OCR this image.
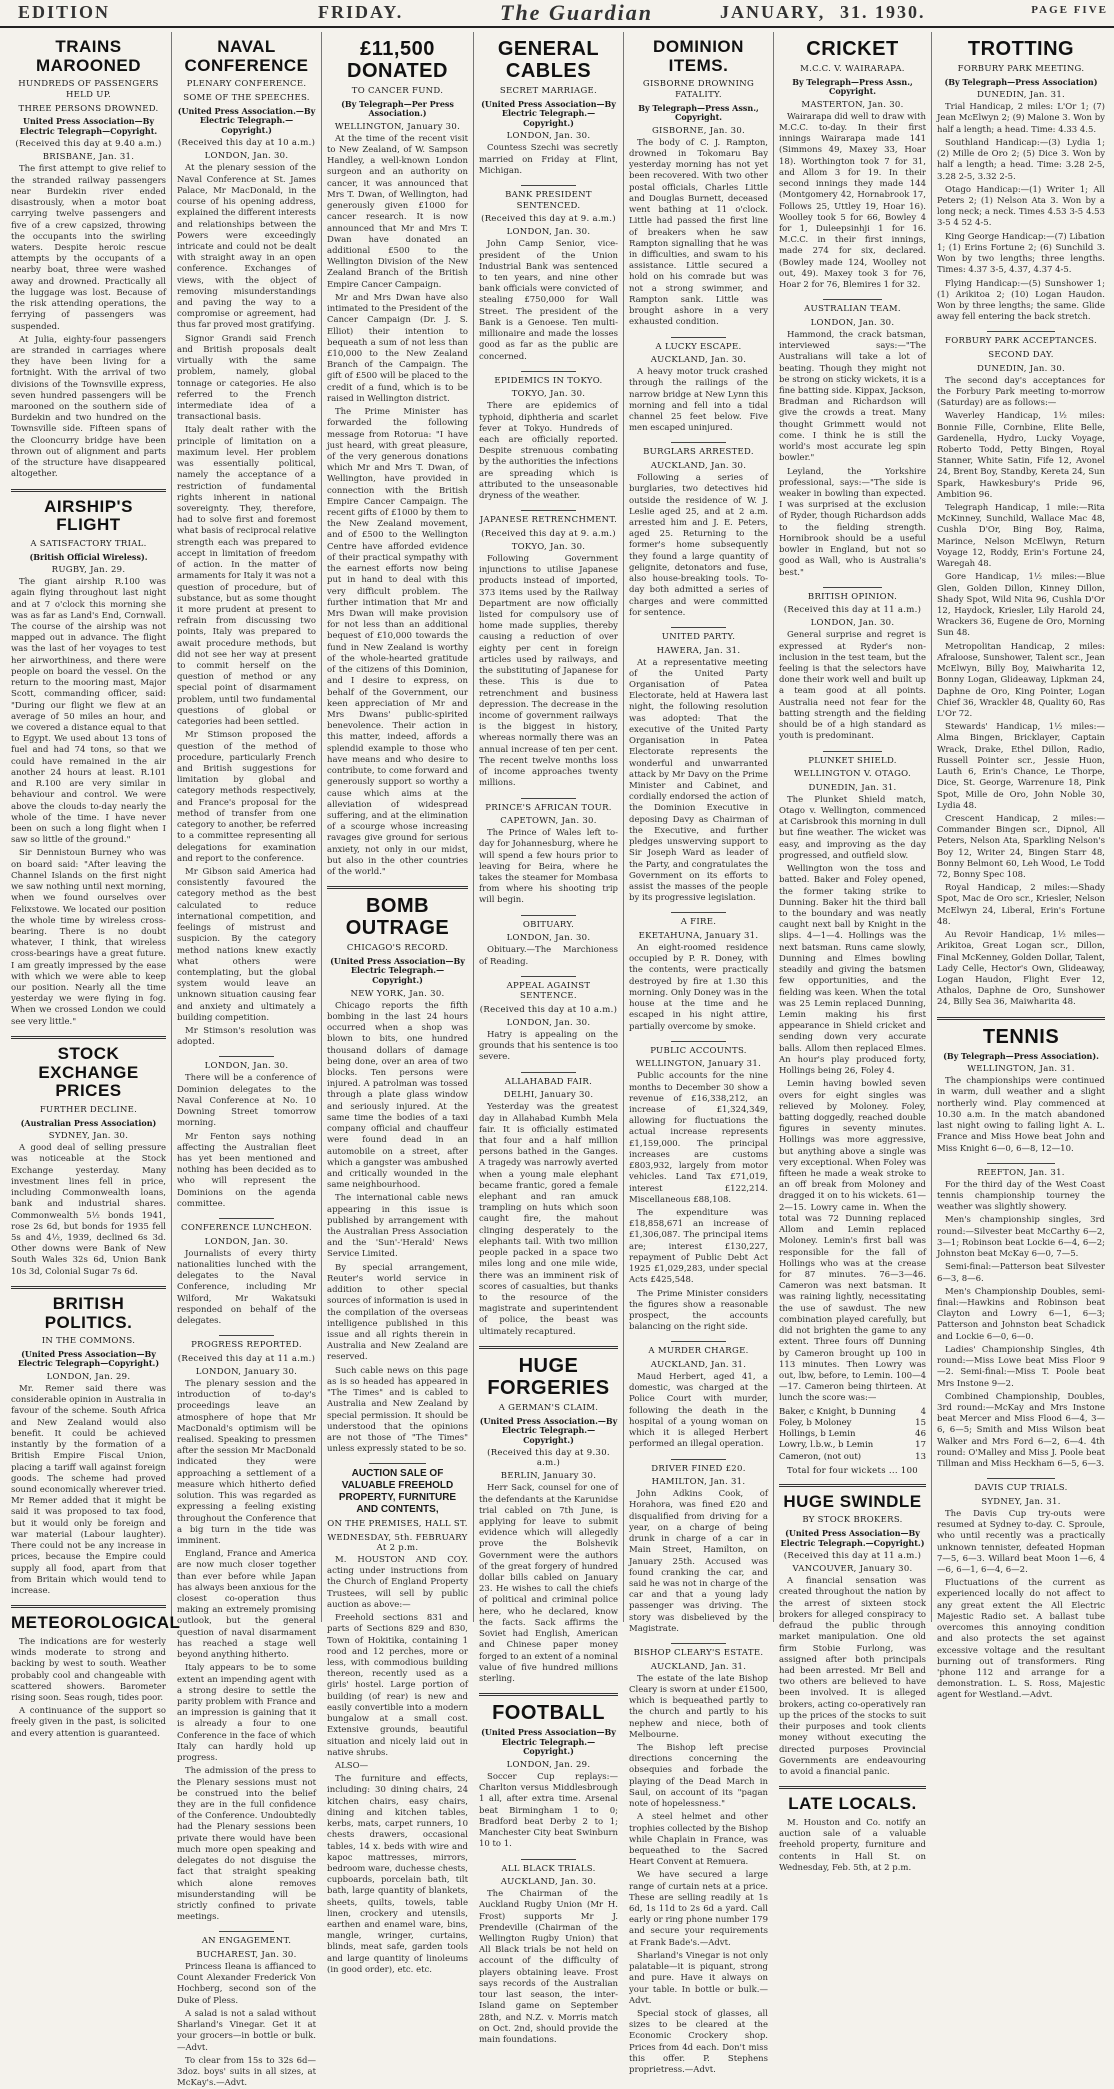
EDITION	FRIDAY.	The Guardian	JANUARY, 31. 1930.	PAGE FIVE
TRAINS MAROONED
HUNDREDS OF PASSENGERS HELD UP.
THREE PERSONS DROWNED.
United Press Association—By Electric Telegraph—Copyright.
(Received this day at 9.40 a.m.)
BRISBANE, Jan. 31.

The first attempt to give relief to the stranded railway passengers near Burdekin river ended disastrously, when a motor boat carrying twelve passengers and five of a crew capsized, throwing the occupants into the swirling waters. Despite heroic rescue attempts by the occupants of a nearby boat, three were washed away and drowned. Practically all the luggage was lost. Because of the risk attending operations, the ferrying of passengers was suspended.

At Julia, eighty-four passengers are stranded in carriages where they have been living for a fortnight. With the arrival of two divisions of the Townsville express, seven hundred passengers will be marooned on the southern side of Burdekin and two hundred on the Townsville side. Fifteen spans of the Clooncurry bridge have been thrown out of alignment and parts of the structure have disappeared altogether.

AIRSHIP'S FLIGHT
A SATISFACTORY TRIAL.
(British Official Wireless).
RUGBY, Jan. 29.

The giant airship R.100 was again flying throughout last night and at 7 o'clock this morning she was as far as Land's End, Cornwall. The course of the airship was not mapped out in advance. The flight was the last of her voyages to test her airworthiness, and there were people on board the vessel. On the return to the mooring mast, Major Scott, commanding officer, said: "During our flight we flew at an average of 50 miles an hour, and we covered a distance equal to that to Egypt. We used about 13 tons of fuel and had 74 tons, so that we could have remained in the air another 24 hours at least. R.101 and R.100 are very similar in behaviour and control. We were above the clouds to-day nearly the whole of the time. I have never been on such a long flight when I saw so little of the ground."

Sir Dennistoun Burney who was on board said: "After leaving the Channel Islands on the first night we saw nothing until next morning, when we found ourselves over Felixstowe. We located our position the whole time by wireless cross-bearing. There is no doubt whatever, I think, that wireless cross-bearings have a great future. I am greatly impressed by the ease with which we were able to keep our position. Nearly all the time yesterday we were flying in fog. When we crossed London we could see very little."

STOCK EXCHANGE PRICES
FURTHER DECLINE.
(Australian Press Association)
SYDNEY, Jan. 30.

A good deal of selling pressure was noticeable at the Stock Exchange yesterday. Many investment lines fell in price, including Commonwealth loans, bank and industrial shares. Commonwealth 5½ bonds 1941, rose 2s 6d, but bonds for 1935 fell 5s and 4½, 1939, declined 6s 3d. Other downs were Bank of New South Wales 32s 6d, Union Bank 10s 3d, Colonial Sugar 7s 6d.

BRITISH POLITICS.
IN THE COMMONS.
(United Press Association—By Electric Telegraph—Copyright.)
LONDON, Jan. 29.

Mr. Remer said there was considerable opinion in Australia in favour of the scheme. South Africa and New Zealand would also benefit. It could be achieved instantly by the formation of a British Empire Fiscal Union, placing a tariff wall against foreign goods. The scheme had proved sound economically wherever tried. Mr Remer added that it might be said it was proposed to tax food, but it would only be foreign and war material (Labour laughter). There could not be any increase in prices, because the Empire could supply all food, apart from that from Britain which would tend to increase.

METEOROLOGICAL

The indications are for westerly winds moderate to strong and backing by west to south. Weather probably cool and changeable with scattered showers. Barometer rising soon. Seas rough, tides poor.

A continuance of the support so freely given in the past, is solicited and every attention is guaranteed.

NAVAL CONFERENCE
PLENARY CONFERENCE.
SOME OF THE SPEECHES.
(United Press Association.—By Electric Telegraph.—Copyright.)
(Received this day at 10 a.m.)
LONDON, Jan. 30.

At the plenary session of the Naval Conference at St. James Palace, Mr MacDonald, in the course of his opening address, explained the different interests and relationships between the Powers were exceedingly intricate and could not be dealt with straight away in an open conference. Exchanges of views, with the object of removing misunderstandings and paving the way to a compromise or agreement, had thus far proved most gratifying.

Signor Grandi said French and British proposals dealt virtually with the same problem, namely, global tonnage or categories. He also referred to the French intermediate idea of a transactional basis.

Italy dealt rather with the principle of limitation on a maximum level. Her problem was essentially political, namely the acceptance of a restriction of fundamental rights inherent in national sovereignty. They, therefore, had to solve first and foremost what basis of reciprocal relative strength each was prepared to accept in limitation of freedom of action. In the matter of armaments for Italy it was not a question of procedure, but of substance, but as some thought it more prudent at present to refrain from discussing two points, Italy was prepared to await procedure methods, but did not see her way at present to commit herself on the question of method or any special point of disarmament problem, until two fundamental questions of global or categories had been settled.

Mr Stimson proposed the question of the method of procedure, particularly French and British suggestions for limitation by global and category methods respectively, and France's proposal for the method of transfer from one category to another, be referred to a committee representing all delegations for examination and report to the conference.

Mr Gibson said America had consistently favoured the category method as the best calculated to reduce international competition, and feelings of mistrust and suspicion. By the category method nations knew exactly what others were contemplating, but the global system would leave an unknown situation causing fear and anxiety and ultimately a building competition.

Mr Stimson's resolution was adopted.

LONDON, Jan. 30.

There will be a conference of Dominion delegates to the Naval Conference at No. 10 Downing Street tomorrow morning.

Mr Fenton says nothing affecting the Australian fleet has yet been mentioned and nothing has been decided as to who will represent the Dominions on the agenda committee.

CONFERENCE LUNCHEON.
LONDON, Jan. 30.

Journalists of every thirty nationalities lunched with the delegates to the Naval Conference, including Mr Wilford, Mr Wakatsuki responded on behalf of the delegates.

PROGRESS REPORTED.
(Received this day at 11 a.m.)
LONDON, January 30.

The plenary session and the introduction of to-day's proceedings leave an atmosphere of hope that Mr MacDonald's optimism will be realised. Speaking to pressmen after the session Mr MacDonald indicated they were approaching a settlement of a measure which hitherto defied solution. This was regarded as expressing a feeling existing throughout the Conference that a big turn in the tide was imminent.

England, France and America are now much closer together than ever before while Japan has always been anxious for the closest co-operation thus making an extremely promising outlook, but the general question of naval disarmament has reached a stage well beyond anything hitherto.

Italy appears to be to some extent an impending agent with a strong desire to settle the parity problem with France and an impression is gaining that it is already a four to one Conference in the face of which Italy can hardly hold up progress.

The admission of the press to the Plenary sessions must not be construed into the belief they are in the full confidence of the Conference. Undoubtedly had the Plenary sessions been private there would have been much more open speaking and delegates do not disguise the fact that straight speaking which alone removes misunderstanding will be strictly confined to private meetings.

AN ENGAGEMENT.
BUCHAREST, Jan. 30.

Princess Ileana is affianced to Count Alexander Frederick Von Hochberg, second son of the Duke of Pless.

A salad is not a salad without Sharland's Vinegar. Get it at your grocers—in bottle or bulk.—Advt.

To clear from 15s to 32s 6d—3doz. boys' suits in all sizes, at McKay's.—Advt.

£11,500 DONATED
TO CANCER FUND.
(By Telegraph—Per Press Association.)
WELLINGTON, January 30.

At the time of the recent visit to New Zealand, of W. Sampson Handley, a well-known London surgeon and an authority on cancer, it was announced that Mrs T. Dwan, of Wellington, had generously given £1000 for cancer research. It is now announced that Mr and Mrs T. Dwan have donated an additional £500 to the Wellington Division of the New Zealand Branch of the British Empire Cancer Campaign.

Mr and Mrs Dwan have also intimated to the President of the Cancer Campaign (Dr. J. S. Elliot) their intention to bequeath a sum of not less than £10,000 to the New Zealand Branch of the Campaign. The gift of £500 will be placed to the credit of a fund, which is to be raised in Wellington district.

The Prime Minister has forwarded the following message from Rotorua: "I have just heard, with great pleasure, of the very generous donations which Mr and Mrs T. Dwan, of Wellington, have provided in connection with the British Empire Cancer Campaign. The recent gifts of £1000 by them to the New Zealand movement, and of £500 to the Wellington Centre have afforded evidence of their practical sympathy with the earnest efforts now being put in hand to deal with this very difficult problem. The further intimation that Mr and Mrs Dwan will make provision for not less than an additional bequest of £10,000 towards the fund in New Zealand is worthy of the whole-hearted gratitude of the citizens of this Dominion, and I desire to express, on behalf of the Government, our keen appreciation of Mr and Mrs Dwans' public-spirited benevolence. Their action in this matter, indeed, affords a splendid example to those who have means and who desire to contribute, to come forward and generously support so worthy a cause which aims at the alleviation of widespread suffering, and at the elimination of a scourge whose increasing ravages give ground for serious anxiety, not only in our midst, but also in the other countries of the world."

BOMB OUTRAGE
CHICAGO'S RECORD.
(United Press Association—By Electric Telegraph.—Copyright.)
NEW YORK, Jan. 30.

Chicago reports the fifth bombing in the last 24 hours occurred when a shop was blown to bits, one hundred thousand dollars of damage being done, over an area of two blocks. Ten persons were injured. A patrolman was tossed through a plate glass window and seriously injured. At the same time the bodies of a taxi company official and chauffeur were found dead in an automobile on a street, after which a gangster was ambushed and critically wounded in the same neighbourhood.

The international cable news appearing in this issue is published by arrangement with the Australian Press Association and the 'Sun'-'Herald' News Service Limited.

By special arrangement, Reuter's world service in addition to other special sources of information is used in the compilation of the overseas intelligence published in this issue and all rights therein in Australia and New Zealand are reserved.

Such cable news on this page as is so headed has appeared in "The Times" and is cabled to Australia and New Zealand by special permission. It should be understood that the opinions are not those of "The Times" unless expressly stated to be so.

AUCTION SALE OF VALUABLE FREEHOLD PROPERTY, FURNITURE AND CONTENTS,
ON THE PREMISES, HALL ST.
WEDNESDAY, 5th. FEBRUARY At 2 p.m.

M. HOUSTON AND COY. acting under instructions from the Church of England Property Trustees, will sell by public auction as above:—

Freehold sections 831 and parts of Sections 829 and 830, Town of Hokitika, containing 1 rood and 12 perches, more or less, with commodious building thereon, recently used as a girls' hostel. Large portion of building (of rear) is new and easily convertible into a modern bungalow at a small cost. Extensive grounds, beautiful situation and nicely laid out in native shrubs.

ALSO—

The furniture and effects, including: 30 dining chairs, 24 kitchen chairs, easy chairs, dining and kitchen tables, kerbs, mats, carpet runners, 10 chests drawers, occasional tables, 14 x. beds with wire and kapoc mattresses, mirrors, bedroom ware, duchesse chests, cupboards, porcelain bath, tilt bath, large quantity of blankets, sheets, quilts, towels, table linen, crockery and utensils, earthen and enamel ware, bins, mangle, wringer, curtains, blinds, meat safe, garden tools and large quantity of linoleums (in good order), etc. etc.

GENERAL CABLES
SECRET MARRIAGE.
(United Press Association—By Electric Telegraph.—Copyright.)
LONDON, Jan. 30.

Countess Szechi was secretly married on Friday at Flint, Michigan.

BANK PRESIDENT SENTENCED.
(Received this day at 9. a.m.)
LONDON, Jan. 30.

John Camp Senior, vice-president of the Union Industrial Bank was sentenced to ten years, and nine other bank officials were convicted of stealing £750,000 for Wall Street. The president of the Bank is a Genoese. Ten multi-millionaire and made the losses good as far as the public are concerned.

EPIDEMICS IN TOKYO.
TOKYO, Jan. 30.

There are epidemics of typhoid, diphtheria and scarlet fever at Tokyo. Hundreds of each are officially reported. Despite strenuous combating by the authorities the infections are spreading which is attributed to the unseasonable dryness of the weather.

JAPANESE RETRENCHMENT.
(Received this day at 9. a.m.)
TOKYO, Jan. 30.

Following Government injunctions to utilise Japanese products instead of imported, 373 items used by the Railway Department are now officially listed for compulsory use of home made supplies, thereby causing a reduction of over eighty per cent in foreign articles used by railways, and the substituting of Japanese for these. This is due to retrenchment and business depression. The decrease in the income of government railways is the biggest in history, whereas normally there was an annual increase of ten per cent. The recent twelve months loss of income approaches twenty millions.

PRINCE'S AFRICAN TOUR.
CAPETOWN, Jan. 30.

The Prince of Wales left to-day for Johannesburg, where he will spend a few hours prior to leaving for Beira, where he takes the steamer for Mombasa from where his shooting trip will begin.

OBITUARY.
LONDON, Jan. 30.

Obituary.—The Marchioness of Reading.

APPEAL AGAINST SENTENCE.
(Received this day at 10 a.m.)
LONDON, Jan. 30.

Hatry is appealing on the grounds that his sentence is too severe.

ALLAHABAD FAIR.
DELHI, January 30.

Yesterday was the greatest day in Allahabad Kumbh Mela fair. It is officially estimated that four and a half million persons bathed in the Ganges. A tragedy was narrowly averted when a young male elephant became frantic, gored a female elephant and ran amuck trampling on huts which soon caught fire, the mahout clinging desperately to the elephants tail. With two million people packed in a space two miles long and one mile wide, there was an imminent risk of scores of casualties, but thanks to the resource of the magistrate and superintendent of police, the beast was ultimately recaptured.

HUGE FORGERIES
A GERMAN'S CLAIM.
(United Press Association.—By Electric Telegraph.—Copyright.)
(Received this day at 9.30. a.m.)
BERLIN, January 30.

Herr Sack, counsel for one of the defendants at the Karunidse trial cabled on 7th June, is applying for leave to submit evidence which will allegedly prove the Bolshevik Government were the authors of the great forgery of hundred dollar bills cabled on January 23. He wishes to call the chiefs of political and criminal police here, who he declared, know the facts. Sack affirms the Soviet had English, American and Chinese paper money forged to an extent of a nominal value of five hundred millions sterling.

FOOTBALL
(United Press Association—By Electric Telegraph.—Copyright.)
LONDON, Jan. 29.

Soccer Cup replays:—Charlton versus Middlesbrough 1 all, after extra time. Arsenal beat Birmingham 1 to 0; Bradford beat Derby 2 to 1; Manchester City beat Swinburn 10 to 1.

ALL BLACK TRIALS.
AUCKLAND, Jan. 30.

The Chairman of the Auckland Rugby Union (Mr H. Frost) supports Mr J. Prendeville (Chairman of the Wellington Rugby Union) that All Black trials be not held on account of the difficulty of players obtaining leave. Frost says records of the Australian tour last season, the inter-Island game on September 28th, and N.Z. v. Morris match on Oct. 2nd, should provide the main foundations.

DOMINION ITEMS.
GISBORNE DROWNING FATALITY.
By Telegraph—Press Assn., Copyright.
GISBORNE, Jan. 30.

The body of C. J. Rampton, drowned in Tokomaru Bay yesterday morning has not yet been recovered. With two other postal officials, Charles Little and Douglas Burnett, deceased went bathing at 11 o'clock. Little had passed the first line of breakers when he saw Rampton signalling that he was in difficulties, and swam to his assistance. Little secured a hold on his comrade but was not a strong swimmer, and Rampton sank. Little was brought ashore in a very exhausted condition.

A LUCKY ESCAPE.
AUCKLAND, Jan. 30.

A heavy motor truck crashed through the railings of the narrow bridge at New Lynn this morning and fell into a tidal channel 25 feet below. Five men escaped uninjured.

BURGLARS ARRESTED.
AUCKLAND, Jan. 30.

Following a series of burglaries, two detectives hid outside the residence of W. J. Leslie aged 25, and at 2 a.m. arrested him and J. E. Peters, aged 25. Returning to the former's home subsequently they found a large quantity of gelignite, detonators and fuse, also house-breaking tools. To-day both admitted a series of charges and were committed for sentence.

UNITED PARTY.
HAWERA, Jan. 31.

At a representative meeting of the United Party Organisation of Patea Electorate, held at Hawera last night, the following resolution was adopted: That the executive of the United Party Organisation in Patea Electorate represents the wonderful and unwarranted attack by Mr Davy on the Prime Minister and Cabinet, and cordially endorsed the action of the Dominion Executive in deposing Davy as Chairman of the Executive, and further pledges unswerving support to Sir Joseph Ward as leader of the Party, and congratulates the Government on its efforts to assist the masses of the people by its progressive legislation.

A FIRE.
EKETAHUNA, January 31.

An eight-roomed residence occupied by P. R. Doney, with the contents, were practically destroyed by fire at 1.30 this morning. Only Doney was in the house at the time and he escaped in his night attire, partially overcome by smoke.

PUBLIC ACCOUNTS.
WELLINGTON, January 31.

Public accounts for the nine months to December 30 show a revenue of £16,338,212, an increase of £1,324,349, allowing for fluctuations the actual increase represents £1,159,000. The principal increases are customs £803,932, largely from motor vehicles. Land Tax £71,019, interest £122,214. Miscellaneous £88,108.

The expenditure was £18,858,671 an increase of £1,306,087. The principal items are; interest £130,227, repayment of Public Debt Act 1925 £1,029,283, under special Acts £425,548.

The Prime Minister considers the figures show a reasonable prospect, the accounts balancing on the right side.

A MURDER CHARGE.
AUCKLAND, Jan. 31.

Maud Herbert, aged 41, a domestic, was charged at the Police Court with murder, following the death in the hospital of a young woman on which it is alleged Herbert performed an illegal operation.

DRIVER FINED £20.
HAMILTON, Jan. 31.

John Adkins Cook, of Horahora, was fined £20 and disqualified from driving for a year, on a charge of being drunk in charge of a car in Main Street, Hamilton, on January 25th. Accused was found cranking the car, and said he was not in charge of the car and that a young lady passenger was driving. The story was disbelieved by the Magistrate.

BISHOP CLEARY'S ESTATE.
AUCKLAND, Jan. 31.

The estate of the late Bishop Cleary is sworn at under £1500, which is bequeathed partly to the church and partly to his nephew and niece, both of Melbourne.

The Bishop left precise directions concerning the obsequies and forbade the playing of the Dead March in Saul, on account of its "pagan note of hopelessness."

A steel helmet and other trophies collected by the Bishop while Chaplain in France, was bequeathed to the Sacred Heart Convent at Remuera.

We have secured a large range of curtain nets at a price. These are selling readily at 1s 6d, 1s 11d to 2s 6d a yard. Call early or ring phone number 179 and secure your requirements at Frank Bade's.—Advt.

Sharland's Vinegar is not only palatable—it is piquant, strong and pure. Have it always on your table. In bottle or bulk.—Advt.

Special stock of glasses, all sizes to be cleared at the Economic Crockery shop. Prices from 4d each. Don't miss this offer. P. Stephens proprietress.—Advt.

CRICKET
M.C.C. V. WAIRARAPA.
By Telegraph—Press Assn., Copyright.
MASTERTON, Jan. 30.

Wairarapa did well to draw with M.C.C. to-day. In their first innings Wairarapa made 141 (Simmons 49, Maxey 33, Hoar 18). Worthington took 7 for 31, and Allom 3 for 19. In their second innings they made 144 (Montgomery 42, Hornabrook 17, Follows 25, Uttley 19, Hoar 16). Woolley took 5 for 66, Bowley 4 for 1, Duleepsinhji 1 for 16. M.C.C. in their first innings, made 274 for six, declared. (Bowley made 124, Woolley not out, 49). Maxey took 3 for 76, Hoar 2 for 76, Blemires 1 for 32.

AUSTRALIAN TEAM.
LONDON, Jan. 30.

Hammond, the crack batsman, interviewed says:—"The Australians will take a lot of beating. Though they might not be strong on sticky wickets, it is a fine batting side. Kippax, Jackson, Bradman and Richardson will give the crowds a treat. Many thought Grimmett would not come. I think he is still the world's most accurate leg spin bowler."

Leyland, the Yorkshire professional, says:—"The side is weaker in bowling than expected. I was surprised at the exclusion of Ryder, though Richardson adds to the fielding strength. Hornibrook should be a useful bowler in England, but not so good as Wall, who is Australia's best."

BRITISH OPINION.
(Received this day at 11 a.m.)
LONDON, Jan. 30.

General surprise and regret is expressed at Ryder's non-inclusion in the test team, but the feeling is that the selectors have done their work well and built up a team good at all points. Australia need not fear for the batting strength and the fielding should be of a high standard as youth is predominant.

PLUNKET SHIELD.
WELLINGTON V. OTAGO.
DUNEDIN, Jan. 31.

The Plunket Shield match, Otago v. Wellington, commenced at Carisbrook this morning in dull but fine weather. The wicket was easy, and improving as the day progressed, and outfield slow.

Wellington won the toss and batted. Baker and Foley opened, the former taking strike to Dunning. Baker hit the third ball to the boundary and was neatly caught next ball by Knight in the slips. 4—1—4. Hollings was the next batsman. Runs came slowly, Dunning and Elmes bowling steadily and giving the batsmen few opportunities, and the fielding was keen. When the total was 25 Lemin replaced Dunning, Lemin making his first appearance in Shield cricket and sending down very accurate balls. Allom then replaced Elmes. An hour's play produced forty, Hollings being 26, Foley 4.

Lemin having bowled seven overs for eight singles was relieved by Moloney. Foley, batting doggedly, reached double figures in seventy minutes. Hollings was more aggressive, but anything above a single was very exceptional. When Foley was fifteen he made a weak stroke to an off break from Moloney and dragged it on to his wickets. 61—2—15. Lowry came in. When the total was 72 Dunning replaced Allom and Lemin replaced Moloney. Lemin's first ball was responsible for the fall of Hollings who was at the crease for 87 minutes. 76—3—46. Cameron was next batsman. It was raining lightly, necessitating the use of sawdust. The new combination played carefully, but did not brighten the game to any extent. Three fours off Dunning by Cameron brought up 100 in 113 minutes. Then Lowry was out, lbw, before, to Lemin. 100—4—17. Cameron being thirteen. At lunch the score was:—

Baker, c Knight, b Dunning	4
Foley, b Moloney	15
Hollings, b Lemin	46
Lowry, l.b.w., b Lemin	17
Cameron, (not out)	13
Total for four wickets ... 100
HUGE SWINDLE
BY STOCK BROKERS.
(United Press Association—By Electric Telegraph.—Copyright.)
(Received this day at 11 a.m.)
VANCOUVER, January 30.

A financial sensation was created throughout the nation by the arrest of sixteen stock brokers for alleged conspiracy to defraud the public through market manipulation. One old firm Stobie Furlong, was assigned after both principals had been arrested. Mr Bell and two others are believed to have been involved. It is alleged brokers, acting co-operatively ran up the prices of the stocks to suit their purposes and took clients money without executing the directed purposes Provincial Governments are endeavouring to avoid a financial panic.

LATE LOCALS.

M. Houston and Co. notify an auction sale of a valuable freehold property, furniture and contents in Hall St. on Wednesday, Feb. 5th, at 2 p.m.

TROTTING
FORBURY PARK MEETING.
(By Telegraph—Press Association)
DUNEDIN, Jan. 31.

Trial Handicap, 2 miles: L'Or 1; (7) Jean McElwyn 2; (9) Malone 3. Won by half a length; a head. Time: 4.33 4.5.

Southland Handicap:—(3) Lydia 1; (2) Mille de Oro 2; (5) Dice 3. Won by half a length; a head. Time: 3.28 2-5, 3.28 2-5, 3.32 2-5.

Otago Handicap:—(1) Writer 1; All Peters 2; (1) Nelson Ata 3. Won by a long neck; a neck. Times 4.53 3-5 4.53 3-5 4 52 4-5.

King George Handicap:—(7) Libation 1; (1) Erins Fortune 2; (6) Sunchild 3. Won by two lengths; three lengths. Times: 4.37 3-5, 4.37, 4.37 4-5.

Flying Handicap:—(5) Sunshower 1; (1) Arikitoa 2; (10) Logan Haudon. Won by three lengths; the same. Glide away fell entering the back stretch.

FORBURY PARK ACCEPTANCES.
SECOND DAY.
DUNEDIN, Jan. 30.

The second day's acceptances for the Forbury Park meeting to-morrow (Saturday) are as follows:—

Waverley Handicap, 1½ miles: Bonnie Fille, Cornbine, Elite Belle, Gardenella, Hydro, Lucky Voyage, Roberto Todd, Petty Bingen, Royal Stanner, White Satin, Fife 12, Avonel 24, Brent Boy, Standby, Kereta 24, Sun Spark, Hawkesbury's Pride 96, Ambition 96.

Telegraph Handicap, 1 mile:—Rita McKinney, Sunchild, Wallace Mac 48, Cushla D'Or, Bing Boy, Raima, Marince, Nelson McElwyn, Return Voyage 12, Roddy, Erin's Fortune 24, Waregah 48.

Gore Handicap, 1½ miles:—Blue Glen, Golden Dillon, Kinney Dillon, Shady Spot, Wild Nita 96, Cushla D'Or 12, Haydock, Kriesler, Lily Harold 24, Wrackers 36, Eugene de Oro, Morning Sun 48.

Metropolitan Handicap, 2 miles: Afraloose, Sunshower, Talent scr., Jean McElwyn, Billy Boy, Maiwharita 12, Bonny Logan, Glideaway, Lipkman 24, Daphne de Oro, King Pointer, Logan Chief 36, Wrackler 48, Quality 60, Ras L'Or 72.

Stewards' Handicap, 1½ miles:—Alma Bingen, Bricklayer, Captain Wrack, Drake, Ethel Dillon, Radio, Russell Pointer scr., Jessie Huon, Lauth 6, Erin's Chance, Le Thorpe, Dice, St. George, Warrenure 18, Pink Spot, Mille de Oro, John Noble 30, Lydia 48.

Crescent Handicap, 2 miles:—Commander Bingen scr., Dipnol, All Peters, Nelson Ata, Sparkling Nelson's Boy 12, Writer 24, Bingen Starr 48, Bonny Belmont 60, Leh Wood, Le Todd 72, Bonny Spec 108.

Royal Handicap, 2 miles:—Shady Spot, Mac de Oro scr., Kriesler, Nelson McElwyn 24, Liberal, Erin's Fortune 48.

Au Revoir Handicap, 1½ miles—Arikitoa, Great Logan scr., Dillon, Final McKenney, Golden Dollar, Talent, Lady Celle, Hector's Own, Glideaway, Logan Haudon, Flight Ever 12, Athalos, Daphne de Oro, Sunshower 24, Billy Sea 36, Maiwharita 48.

TENNIS
(By Telegraph—Press Association).
WELLINGTON, Jan. 31.

The championships were continued in warm, dull weather and a slight northerly wind. Play commenced at 10.30 a.m. In the match abandoned last night owing to failing light A. L. France and Miss Howe beat John and Miss Knight 6—0, 6—8, 12—10.

REEFTON, Jan. 31.

For the third day of the West Coast tennis championship tourney the weather was slightly showery.

Men's championship singles, 3rd round:—Silvester beat McCarthy 6—2, 3—1; Robinson beat Lockie 6—4, 6—2; Johnston beat McKay 6—0, 7—5.

Semi-final:—Patterson beat Silvester 6—3, 8—6.

Men's Championship Doubles, semi-final:—Hawkins and Robinson beat Clayton and Lowry 6—1, 6—3; Patterson and Johnston beat Schadick and Lockie 6—0, 6—0.

Ladies' Championship Singles, 4th round:—Miss Lowe beat Miss Floor 9—2. Semi-final:—Miss T. Poole beat Mrs Instone 9—2.

Combined Championship, Doubles, 3rd round:—McKay and Mrs Instone beat Mercer and Miss Flood 6—4, 3—6, 6—5; Smith and Miss Wilson beat Walker and Mrs Ford 6—2, 6—4. 4th round: O'Malley and Miss J. Poole beat Tillman and Miss Heckham 6—5, 6—3.

DAVIS CUP TRIALS.
SYDNEY, Jan. 31.

The Davis Cup try-outs were resumed at Sydney to-day. C. Sproule, who until recently was a practically unknown tennister, defeated Hopman 7—5, 6—3. Willard beat Moon 1—6, 4—6, 6—1, 6—4, 6—2.

Fluctuations of the current as experienced locally do not affect to any great extent the All Electric Majestic Radio set. A ballast tube overcomes this annoying condition and also protects the set against excessive voltage and the resultant burning out of transformers. Ring 'phone 112 and arrange for a demonstration. L. S. Ross, Majestic agent for Westland.—Advt.
